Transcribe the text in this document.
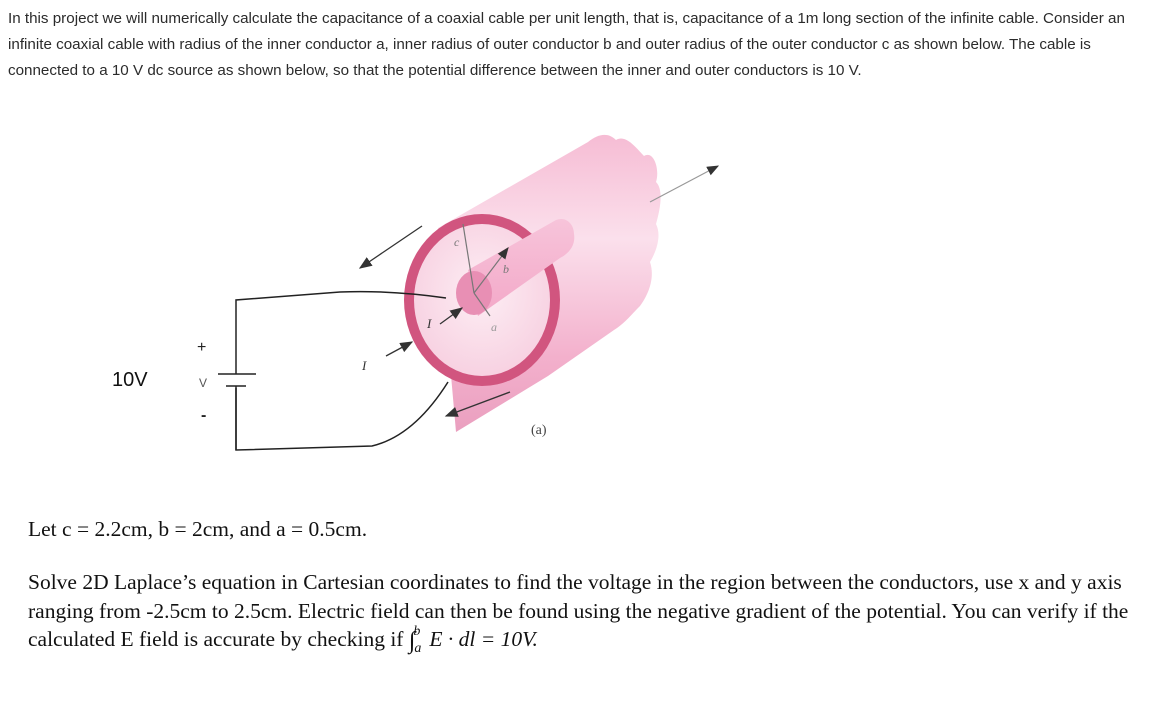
In this project we will numerically calculate the capacitance of a coaxial cable per unit length, that is, capacitance of a 1m long section of the infinite cable. Consider an infinite coaxial cable with radius of the inner conductor a, inner radius of outer conductor b and outer radius of the outer conductor c as shown below. The cable is connected to a 10 V dc source as shown below, so that the potential difference between the inner and outer conductors is 10 V.

c
b
a
I
I
+
V
-
(a)
10V

Let c = 2.2cm, b = 2cm, and a = 0.5cm.

Solve 2D Laplace’s equation in Cartesian coordinates to find the voltage in the region between the conductors, use x and y axis ranging from -2.5cm to 2.5cm. Electric field can then be found using the negative gradient of the potential. You can verify if the calculated E field is accurate by checking if ∫$^b_a$ E · dl = 10V.
